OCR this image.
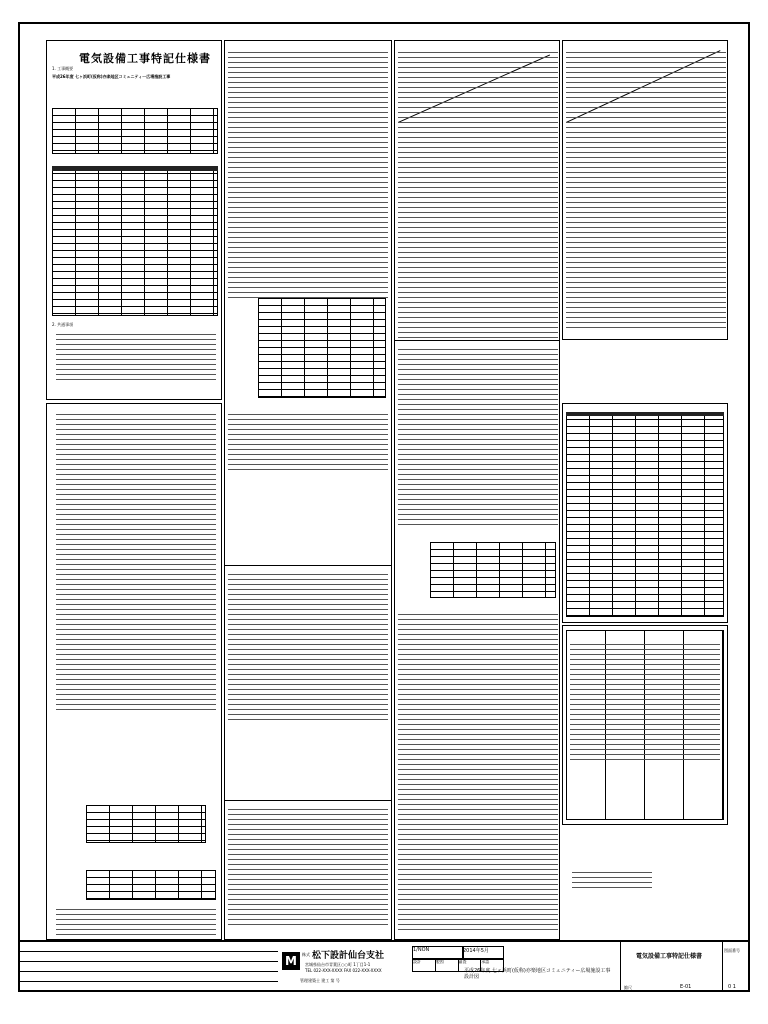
電気設備工事特記仕様書
平成26年度 七ヶ浜町(仮称)亦楽地区コミュニティー広場施設工事
1. 工事概要
2. 共通事項
M	株式 松下設計仙台支社
宮城県仙台市青葉区○○町 1丁目1-1
TEL 022-XXX-XXXX FAX 022-XXX-XXXX
管理建築士 建工 第 号
1/NON	2014年5月
設計	製図	審査	承認
平成26年度 七ヶ浜町(仮称)亦楽地区コミュニティー広場施設工事 設計図
電気設備工事特記仕様書
縮尺	E-01
図面番号
0 1
